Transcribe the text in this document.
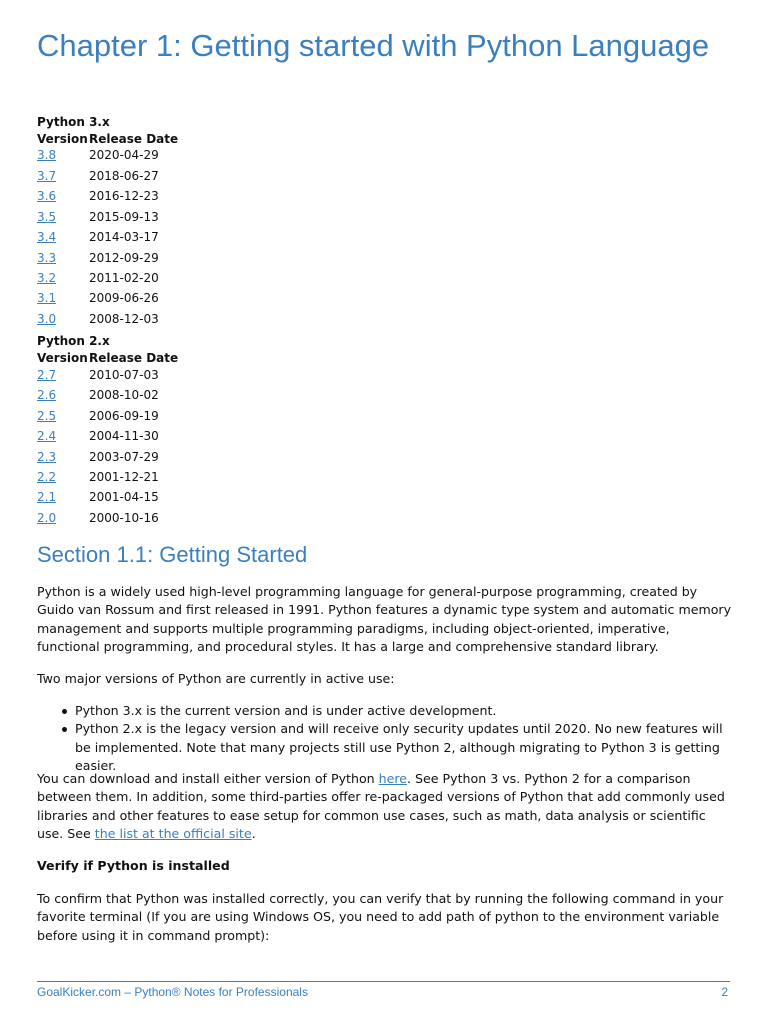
Chapter 1: Getting started with Python Language
Python 3.x
Version Release Date
3.8	2020-04-29
3.7	2018-06-27
3.6	2016-12-23
3.5	2015-09-13
3.4	2014-03-17
3.3	2012-09-29
3.2	2011-02-20
3.1	2009-06-26
3.0	2008-12-03
Python 2.x
Version Release Date
2.7	2010-07-03
2.6	2008-10-02
2.5	2006-09-19
2.4	2004-11-30
2.3	2003-07-29
2.2	2001-12-21
2.1	2001-04-15
2.0	2000-10-16
Section 1.1: Getting Started

Python is a widely used high-level programming language for general-purpose programming, created by Guido van Rossum and first released in 1991. Python features a dynamic type system and automatic memory management and supports multiple programming paradigms, including object-oriented, imperative, functional programming, and procedural styles. It has a large and comprehensive standard library.

Two major versions of Python are currently in active use:

Python 3.x is the current version and is under active development.
Python 2.x is the legacy version and will receive only security updates until 2020. No new features will be implemented. Note that many projects still use Python 2, although migrating to Python 3 is getting easier.

You can download and install either version of Python here. See Python 3 vs. Python 2 for a comparison between them. In addition, some third-parties offer re-packaged versions of Python that add commonly used libraries and other features to ease setup for common use cases, such as math, data analysis or scientific use. See the list at the official site.

Verify if Python is installed

To confirm that Python was installed correctly, you can verify that by running the following command in your favorite terminal (If you are using Windows OS, you need to add path of python to the environment variable before using it in command prompt):

GoalKicker.com – Python® Notes for Professionals	2
